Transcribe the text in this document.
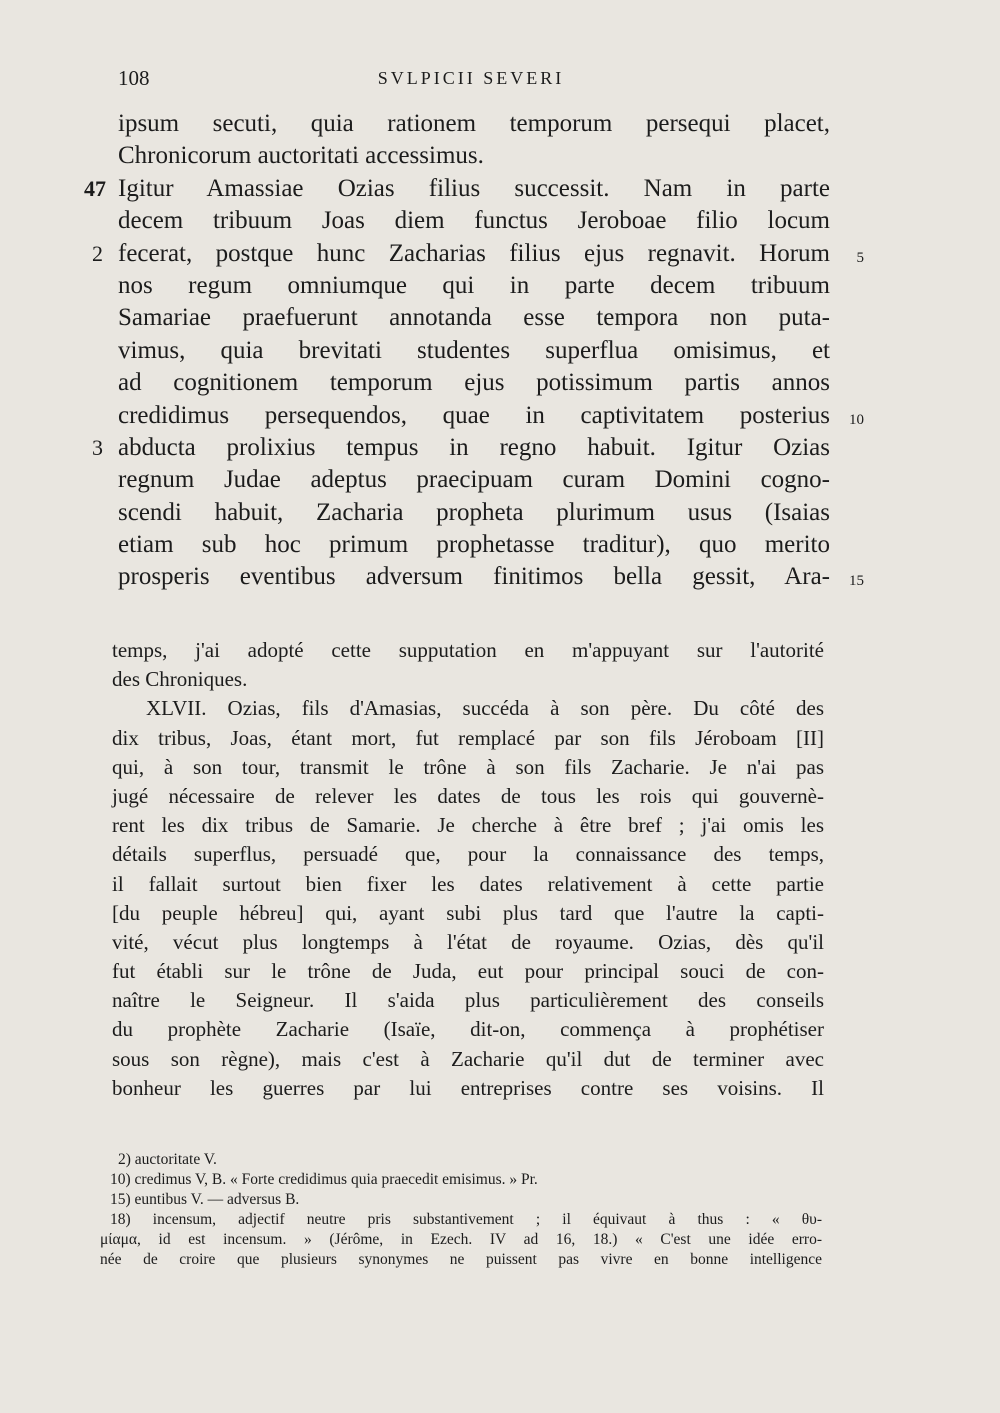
108	SVLPICII SEVERI
ipsum secuti, quia rationem temporum persequi placet,
Chronicorum auctoritati accessimus.
47 Igitur Amassiae Ozias filius successit. Nam in parte
decem tribuum Joas diem functus Jeroboae filio locum
2 fecerat, postque hunc Zacharias filius ejus regnavit. Horum 5
nos regum omniumque qui in parte decem tribuum
Samariae praefuerunt annotanda esse tempora non puta-
vimus, quia brevitati studentes superflua omisimus, et
ad cognitionem temporum ejus potissimum partis annos
credidimus persequendos, quae in captivitatem posterius 10
3 abducta prolixius tempus in regno habuit. Igitur Ozias
regnum Judae adeptus praecipuam curam Domini cogno-
scendi habuit, Zacharia propheta plurimum usus (Isaias
etiam sub hoc primum prophetasse traditur), quo merito
prosperis eventibus adversum finitimos bella gessit, Ara- 15
temps, j'ai adopté cette supputation en m'appuyant sur l'autorité
des Chroniques.
XLVII. Ozias, fils d'Amasias, succéda à son père. Du côté des
dix tribus, Joas, étant mort, fut remplacé par son fils Jéroboam [II]
qui, à son tour, transmit le trône à son fils Zacharie. Je n'ai pas
jugé nécessaire de relever les dates de tous les rois qui gouvernè-
rent les dix tribus de Samarie. Je cherche à être bref ; j'ai omis les
détails superflus, persuadé que, pour la connaissance des temps,
il fallait surtout bien fixer les dates relativement à cette partie
[du peuple hébreu] qui, ayant subi plus tard que l'autre la capti-
vité, vécut plus longtemps à l'état de royaume. Ozias, dès qu'il
fut établi sur le trône de Juda, eut pour principal souci de con-
naître le Seigneur. Il s'aida plus particulièrement des conseils
du prophète Zacharie (Isaïe, dit-on, commença à prophétiser
sous son règne), mais c'est à Zacharie qu'il dut de terminer avec
bonheur les guerres par lui entreprises contre ses voisins. Il
2) auctoritate V.
10) credimus V, B. « Forte credidimus quia praecedit emisimus. » Pr.
15) euntibus V. — adversus B.
18) incensum, adjectif neutre pris substantivement ; il équivaut à thus : « θυ-
μίαμα, id est incensum. » (Jérôme, in Ezech. IV ad 16, 18.) « C'est une idée erro-
née de croire que plusieurs synonymes ne puissent pas vivre en bonne intelligence
